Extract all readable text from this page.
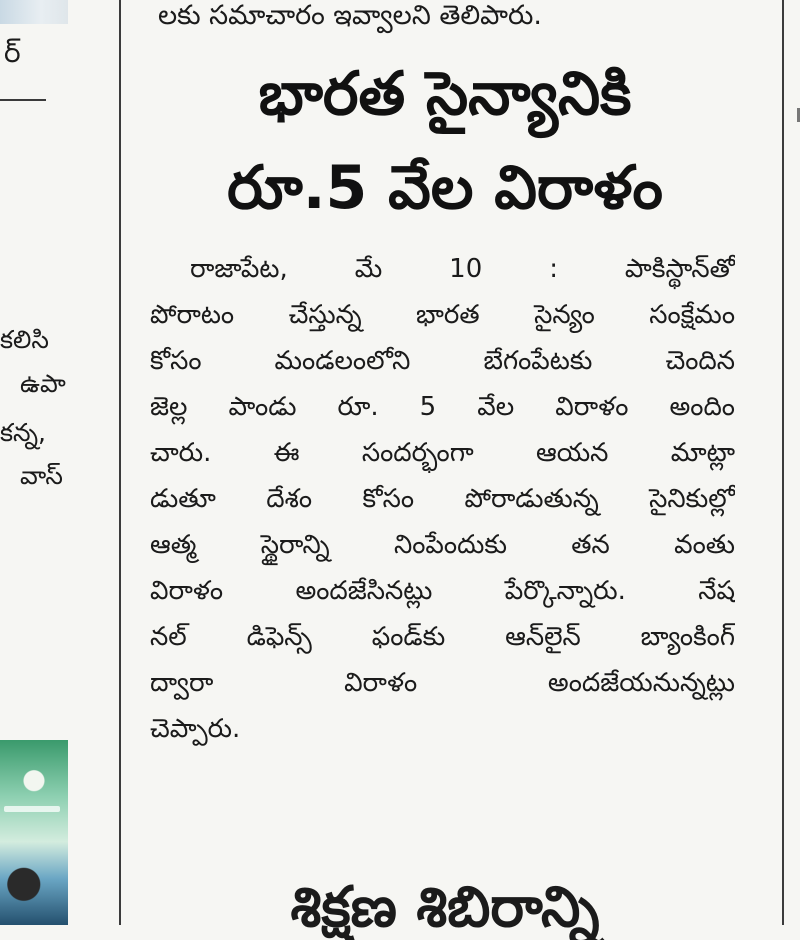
ర్
కలిసి
ఉపా
కన్న,
వాస్
లకు సమాచారం ఇవ్వాలని తెలిపారు.
భారత సైన్యానికి
రూ.5 వేల విరాళం
రాజాపేట, మే 10 : పాకిస్థాన్‌తో
పోరాటం చేస్తున్న భారత సైన్యం సంక్షేమం
కోసం మండలంలోని బేగంపేటకు చెందిన
జెల్ల పాండు రూ. 5 వేల విరాళం అందిం
చారు. ఈ సందర్భంగా ఆయన మాట్లా
డుతూ దేశం కోసం పోరాడుతున్న సైనికుల్లో
ఆత్మ స్థైరాన్ని నింపేందుకు తన వంతు
విరాళం అందజేసినట్లు పేర్కొన్నారు. నేష
నల్ డిఫెన్స్ ఫండ్‌కు ఆన్‌లైన్ బ్యాంకింగ్
ద్వారా విరాళం అందజేయనున్నట్లు
చెప్పారు.
శిక్షణ శిబిరాన్ని
